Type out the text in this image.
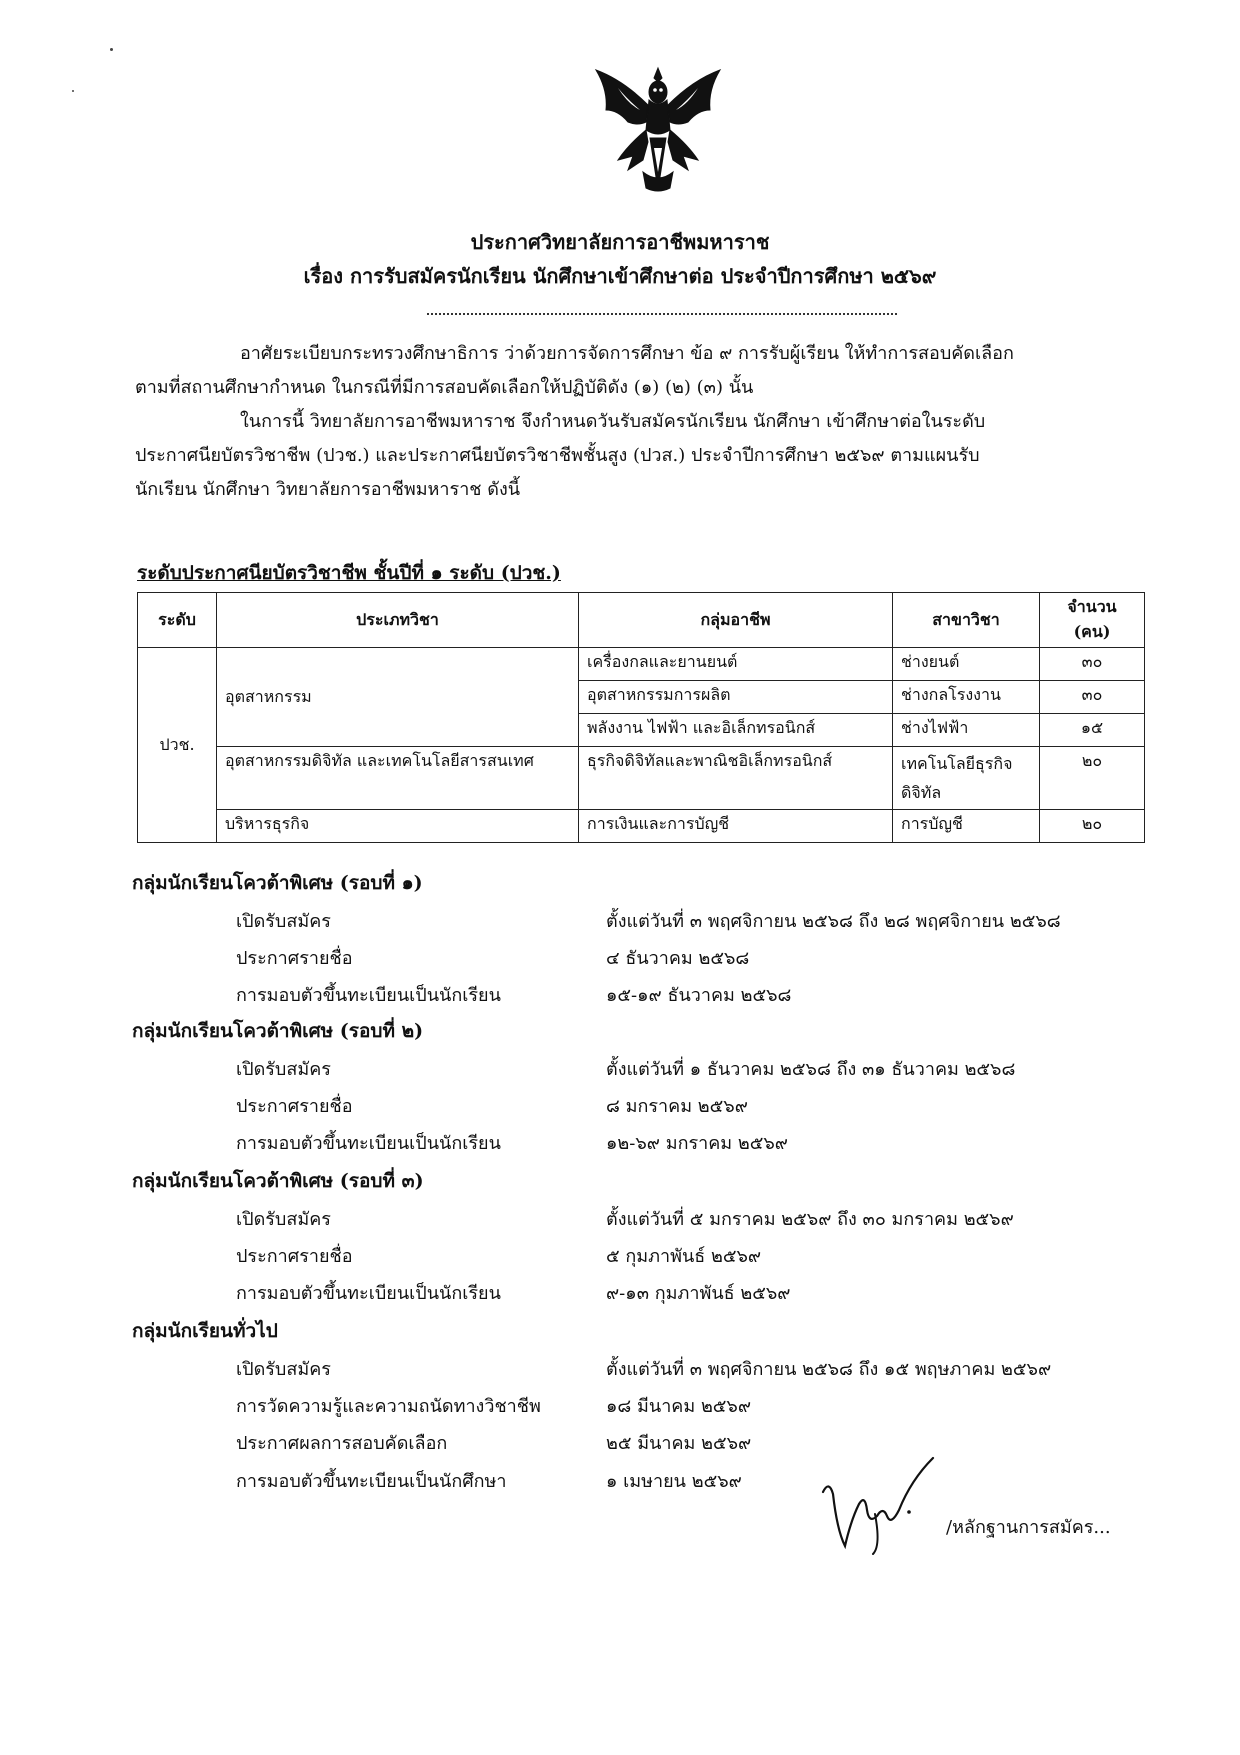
ประกาศวิทยาลัยการอาชีพมหาราช
เรื่อง การรับสมัครนักเรียน นักศึกษาเข้าศึกษาต่อ ประจำปีการศึกษา ๒๕๖๙
อาศัยระเบียบกระทรวงศึกษาธิการ ว่าด้วยการจัดการศึกษา ข้อ ๙ การรับผู้เรียน ให้ทำการสอบคัดเลือก
ตามที่สถานศึกษากำหนด ในกรณีที่มีการสอบคัดเลือกให้ปฏิบัติดัง (๑) (๒) (๓) นั้น
ในการนี้ วิทยาลัยการอาชีพมหาราช จึงกำหนดวันรับสมัครนักเรียน นักศึกษา เข้าศึกษาต่อในระดับ
ประกาศนียบัตรวิชาชีพ (ปวช.) และประกาศนียบัตรวิชาชีพชั้นสูง (ปวส.) ประจำปีการศึกษา ๒๕๖๙ ตามแผนรับ
นักเรียน นักศึกษา วิทยาลัยการอาชีพมหาราช ดังนี้
ระดับประกาศนียบัตรวิชาชีพ ชั้นปีที่ ๑ ระดับ (ปวช.)
ระดับ	ประเภทวิชา	กลุ่มอาชีพ	สาขาวิชา	จำนวน (คน)
ปวช.	อุตสาหกรรม	เครื่องกลและยานยนต์	ช่างยนต์	๓๐
		อุตสาหกรรมการผลิต	ช่างกลโรงงาน	๓๐
		พลังงาน ไฟฟ้า และอิเล็กทรอนิกส์	ช่างไฟฟ้า	๑๕
	อุตสาหกรรมดิจิทัล และเทคโนโลยีสารสนเทศ	ธุรกิจดิจิทัลและพาณิชอิเล็กทรอนิกส์	เทคโนโลยีธุรกิจดิจิทัล	๒๐
	บริหารธุรกิจ	การเงินและการบัญชี	การบัญชี	๒๐
กลุ่มนักเรียนโควต้าพิเศษ (รอบที่ ๑)
เปิดรับสมัคร	ตั้งแต่วันที่ ๓ พฤศจิกายน ๒๕๖๘ ถึง ๒๘ พฤศจิกายน ๒๕๖๘
ประกาศรายชื่อ	๔ ธันวาคม ๒๕๖๘
การมอบตัวขึ้นทะเบียนเป็นนักเรียน	๑๕-๑๙ ธันวาคม ๒๕๖๘
กลุ่มนักเรียนโควต้าพิเศษ (รอบที่ ๒)
เปิดรับสมัคร	ตั้งแต่วันที่ ๑ ธันวาคม ๒๕๖๘ ถึง ๓๑ ธันวาคม ๒๕๖๘
ประกาศรายชื่อ	๘ มกราคม ๒๕๖๙
การมอบตัวขึ้นทะเบียนเป็นนักเรียน	๑๒-๖๙ มกราคม ๒๕๖๙
กลุ่มนักเรียนโควต้าพิเศษ (รอบที่ ๓)
เปิดรับสมัคร	ตั้งแต่วันที่ ๕ มกราคม ๒๕๖๙ ถึง ๓๐ มกราคม ๒๕๖๙
ประกาศรายชื่อ	๕ กุมภาพันธ์ ๒๕๖๙
การมอบตัวขึ้นทะเบียนเป็นนักเรียน	๙-๑๓ กุมภาพันธ์ ๒๕๖๙
กลุ่มนักเรียนทั่วไป
เปิดรับสมัคร	ตั้งแต่วันที่ ๓ พฤศจิกายน ๒๕๖๘ ถึง ๑๕ พฤษภาคม ๒๕๖๙
การวัดความรู้และความถนัดทางวิชาชีพ	๑๘ มีนาคม ๒๕๖๙
ประกาศผลการสอบคัดเลือก	๒๕ มีนาคม ๒๕๖๙
การมอบตัวขึ้นทะเบียนเป็นนักศึกษา	๑ เมษายน ๒๕๖๙
/หลักฐานการสมัคร...
